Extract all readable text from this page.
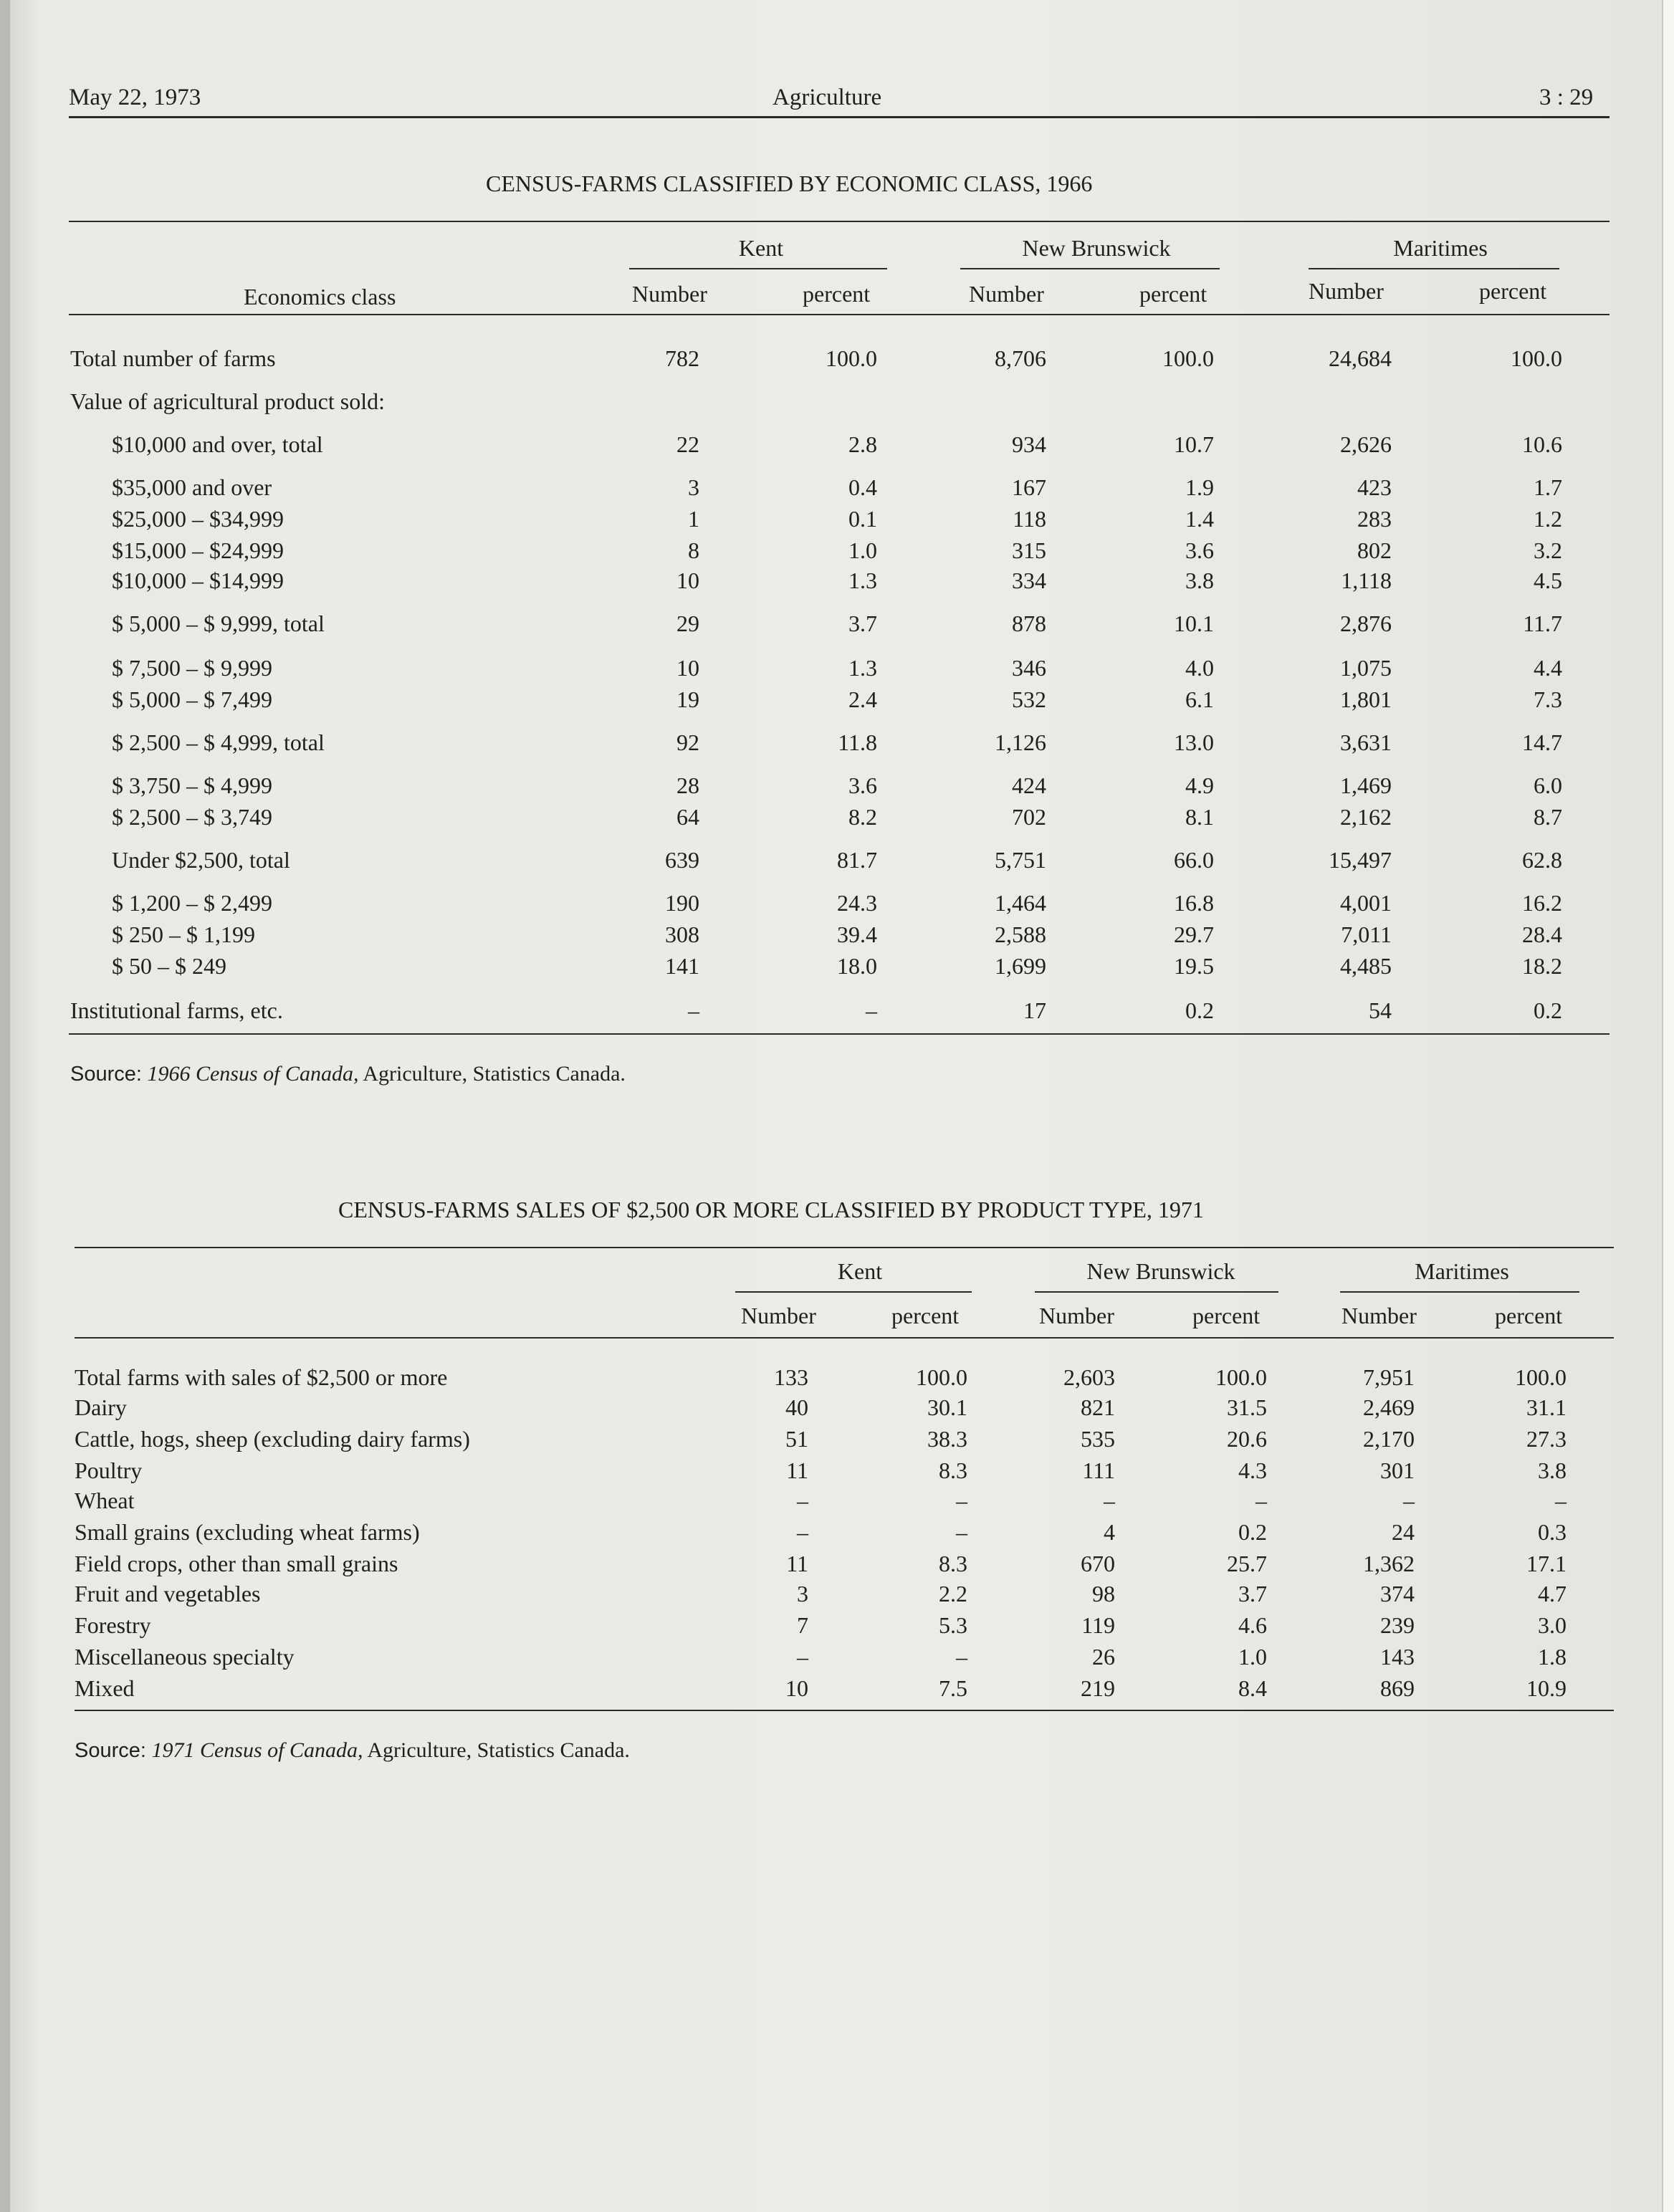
May 22, 1973	Agriculture	3 : 29
CENSUS-FARMS CLASSIFIED BY ECONOMIC CLASS, 1966
Kent	New Brunswick	Maritimes
Economics class	Number	percent	Number	percent	Number	percent
Total number of farms	782	100.0	8,706	100.0	24,684	100.0
Value of agricultural product sold:
$10,000 and over, total	22	2.8	934	10.7	2,626	10.6
$35,000 and over	3	0.4	167	1.9	423	1.7
$25,000 – $34,999	1	0.1	118	1.4	283	1.2
$15,000 – $24,999	8	1.0	315	3.6	802	3.2
$10,000 – $14,999	10	1.3	334	3.8	1,118	4.5
$ 5,000 – $ 9,999, total	29	3.7	878	10.1	2,876	11.7
$ 7,500 – $ 9,999	10	1.3	346	4.0	1,075	4.4
$ 5,000 – $ 7,499	19	2.4	532	6.1	1,801	7.3
$ 2,500 – $ 4,999, total	92	11.8	1,126	13.0	3,631	14.7
$ 3,750 – $ 4,999	28	3.6	424	4.9	1,469	6.0
$ 2,500 – $ 3,749	64	8.2	702	8.1	2,162	8.7
Under $2,500, total	639	81.7	5,751	66.0	15,497	62.8
$ 1,200 – $ 2,499	190	24.3	1,464	16.8	4,001	16.2
$ 250 – $ 1,199	308	39.4	2,588	29.7	7,011	28.4
$ 50 – $ 249	141	18.0	1,699	19.5	4,485	18.2
Institutional farms, etc.	–	–	17	0.2	54	0.2
Source: 1966 Census of Canada, Agriculture, Statistics Canada.
CENSUS-FARMS SALES OF $2,500 OR MORE CLASSIFIED BY PRODUCT TYPE, 1971
Kent	New Brunswick	Maritimes
Number	percent	Number	percent	Number	percent
Total farms with sales of $2,500 or more	133	100.0	2,603	100.0	7,951	100.0
Dairy	40	30.1	821	31.5	2,469	31.1
Cattle, hogs, sheep (excluding dairy farms)	51	38.3	535	20.6	2,170	27.3
Poultry	11	8.3	111	4.3	301	3.8
Wheat	–	–	–	–	–	–
Small grains (excluding wheat farms)	–	–	4	0.2	24	0.3
Field crops, other than small grains	11	8.3	670	25.7	1,362	17.1
Fruit and vegetables	3	2.2	98	3.7	374	4.7
Forestry	7	5.3	119	4.6	239	3.0
Miscellaneous specialty	–	–	26	1.0	143	1.8
Mixed	10	7.5	219	8.4	869	10.9
Source: 1971 Census of Canada, Agriculture, Statistics Canada.
